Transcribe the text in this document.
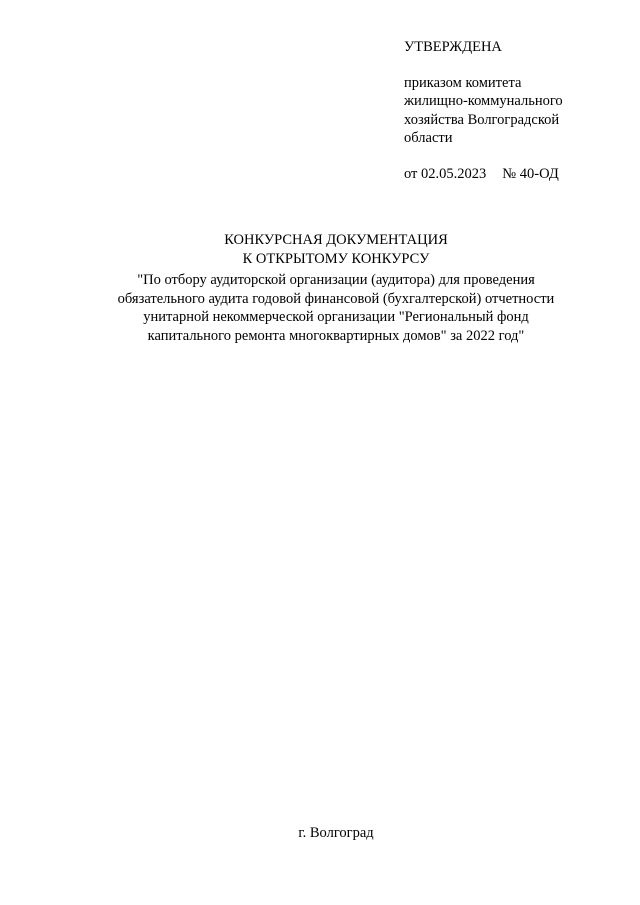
УТВЕРЖДЕНА
приказом комитета
жилищно-коммунального
хозяйства Волгоградской
области
от 02.05.2023 № 40-ОД
КОНКУРСНАЯ ДОКУМЕНТАЦИЯ
К ОТКРЫТОМУ КОНКУРСУ
"По отбору аудиторской организации (аудитора) для проведения
обязательного аудита годовой финансовой (бухгалтерской) отчетности
унитарной некоммерческой организации "Региональный фонд
капитального ремонта многоквартирных домов" за 2022 год"
г. Волгоград
